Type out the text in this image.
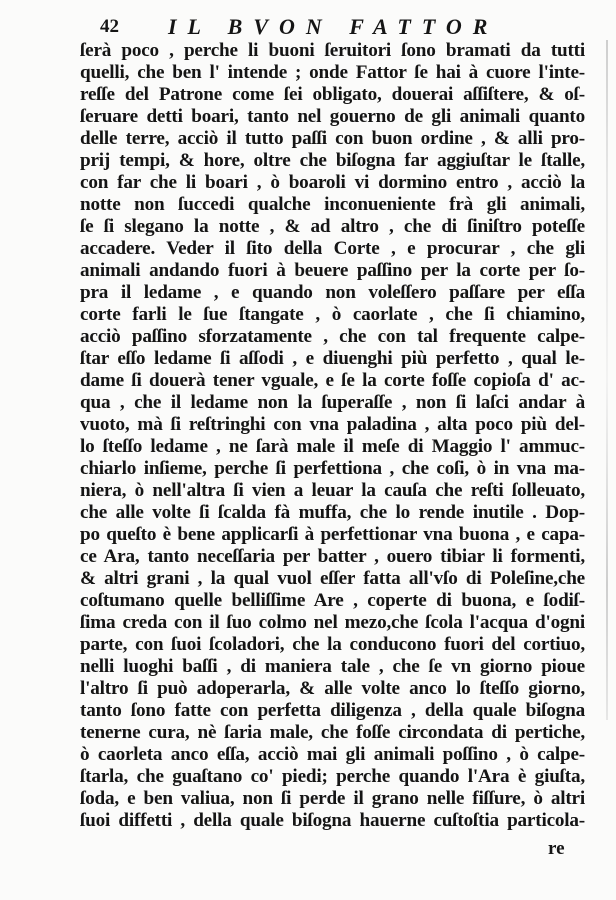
42 IL BVON FATTOR
ſerà poco , perche li buoni ſeruitori ſono bramati da tutti
quelli, che ben l' intende ; onde Fattor ſe hai à cuore l'inte-
reſſe del Patrone come ſei obligato, douerai aſſiſtere, & oſ-
ſeruare detti boari, tanto nel gouerno de gli animali quanto
delle terre, acciò il tutto paſſi con buon ordine , & alli pro-
prij tempi, & hore, oltre che biſogna far aggiuſtar le ſtalle,
con far che li boari , ò boaroli vi dormino entro , acciò la
notte non ſuccedi qualche inconueniente frà gli animali,
ſe ſi slegano la notte , & ad altro , che di ſiniſtro poteſſe
accadere. Veder il ſito della Corte , e procurar , che gli
animali andando fuori à beuere paſſino per la corte per ſo-
pra il ledame , e quando non voleſſero paſſare per eſſa
corte farli le ſue ſtangate , ò caorlate , che ſi chiamino,
acciò paſſino sforzatamente , che con tal frequente calpe-
ſtar eſſo ledame ſi aſſodi , e diuenghi più perfetto , qual le-
dame ſi douerà tener vguale, e ſe la corte foſſe copioſa d' ac-
qua , che il ledame non la ſuperaſſe , non ſi laſci andar à
vuoto, mà ſi reſtringhi con vna paladina , alta poco più del-
lo ſteſſo ledame , ne ſarà male il meſe di Maggio l' ammuc-
chiarlo inſieme, perche ſi perfettiona , che coſi, ò in vna ma-
niera, ò nell'altra ſi vien a leuar la cauſa che reſti ſolleuato,
che alle volte ſi ſcalda fà muffa, che lo rende inutile . Dop-
po queſto è bene applicarſi à perfettionar vna buona , e capa-
ce Ara, tanto neceſſaria per batter , ouero tibiar li formenti,
& altri grani , la qual vuol eſſer fatta all'vſo di Poleſine,che
coſtumano quelle belliſſime Are , coperte di buona, e ſodiſ-
ſima creda con il ſuo colmo nel mezo,che ſcola l'acqua d'ogni
parte, con ſuoi ſcoladori, che la conducono fuori del cortiuo,
nelli luoghi baſſi , di maniera tale , che ſe vn giorno pioue
l'altro ſi può adoperarla, & alle volte anco lo ſteſſo giorno,
tanto ſono fatte con perfetta diligenza , della quale biſogna
tenerne cura, nè ſaria male, che foſſe circondata di pertiche,
ò caorleta anco eſſa, acciò mai gli animali poſſino , ò calpe-
ſtarla, che guaſtano co' piedi; perche quando l'Ara è giuſta,
ſoda, e ben valiua, non ſi perde il grano nelle fiſſure, ò altri
ſuoi diffetti , della quale biſogna hauerne cuſtoſtia particola-
re
